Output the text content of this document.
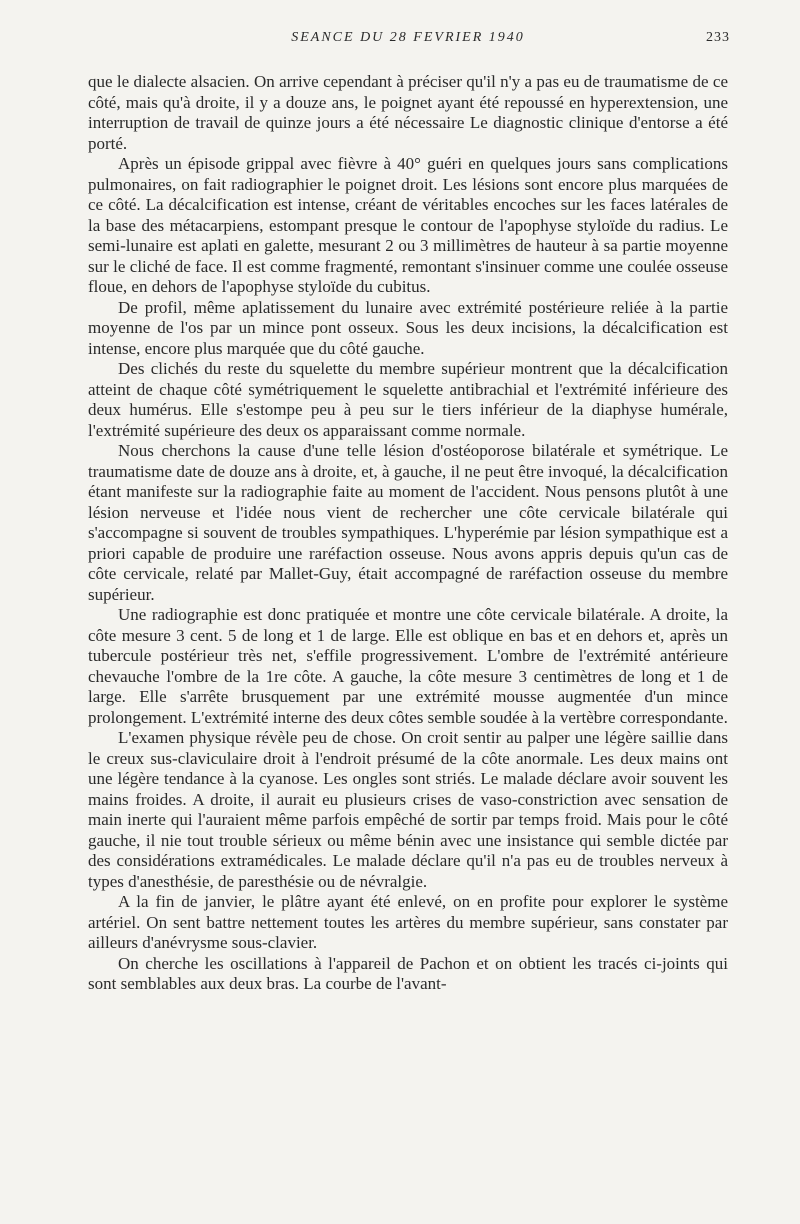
SEANCE DU 28 FEVRIER 1940	233

que le dialecte alsacien. On arrive cependant à préciser qu'il n'y a pas eu de traumatisme de ce côté, mais qu'à droite, il y a douze ans, le poignet ayant été repoussé en hyperextension, une interruption de travail de quinze jours a été nécessaire Le diagnostic clinique d'entorse a été porté.

Après un épisode grippal avec fièvre à 40° guéri en quelques jours sans complications pulmonaires, on fait radiographier le poignet droit. Les lésions sont encore plus marquées de ce côté. La décalcification est intense, créant de véritables encoches sur les faces latérales de la base des métacarpiens, estompant presque le contour de l'apophyse styloïde du radius. Le semi-lunaire est aplati en galette, mesurant 2 ou 3 millimètres de hauteur à sa partie moyenne sur le cliché de face. Il est comme fragmenté, remontant s'insinuer comme une coulée osseuse floue, en dehors de l'apophyse styloïde du cubitus.

De profil, même aplatissement du lunaire avec extrémité postérieure reliée à la partie moyenne de l'os par un mince pont osseux. Sous les deux incisions, la décalcification est intense, encore plus marquée que du côté gauche.

Des clichés du reste du squelette du membre supérieur montrent que la décalcification atteint de chaque côté symétriquement le squelette antibrachial et l'extrémité inférieure des deux humérus. Elle s'estompe peu à peu sur le tiers inférieur de la diaphyse humérale, l'extrémité supérieure des deux os apparaissant comme normale.

Nous cherchons la cause d'une telle lésion d'ostéoporose bilatérale et symétrique. Le traumatisme date de douze ans à droite, et, à gauche, il ne peut être invoqué, la décalcification étant manifeste sur la radiographie faite au moment de l'accident. Nous pensons plutôt à une lésion nerveuse et l'idée nous vient de rechercher une côte cervicale bilatérale qui s'accompagne si souvent de troubles sympathiques. L'hyperémie par lésion sympathique est a priori capable de produire une raréfaction osseuse. Nous avons appris depuis qu'un cas de côte cervicale, relaté par Mallet-Guy, était accompagné de raréfaction osseuse du membre supérieur.

Une radiographie est donc pratiquée et montre une côte cervicale bilatérale. A droite, la côte mesure 3 cent. 5 de long et 1 de large. Elle est oblique en bas et en dehors et, après un tubercule postérieur très net, s'effile progressivement. L'ombre de l'extrémité antérieure chevauche l'ombre de la 1re côte. A gauche, la côte mesure 3 centimètres de long et 1 de large. Elle s'arrête brusquement par une extrémité mousse augmentée d'un mince prolongement. L'extrémité interne des deux côtes semble soudée à la vertèbre correspondante.

L'examen physique révèle peu de chose. On croit sentir au palper une légère saillie dans le creux sus-claviculaire droit à l'endroit présumé de la côte anormale. Les deux mains ont une légère tendance à la cyanose. Les ongles sont striés. Le malade déclare avoir souvent les mains froides. A droite, il aurait eu plusieurs crises de vaso-constriction avec sensation de main inerte qui l'auraient même parfois empêché de sortir par temps froid. Mais pour le côté gauche, il nie tout trouble sérieux ou même bénin avec une insistance qui semble dictée par des considérations extramédicales. Le malade déclare qu'il n'a pas eu de troubles nerveux à types d'anesthésie, de paresthésie ou de névralgie.

A la fin de janvier, le plâtre ayant été enlevé, on en profite pour explorer le système artériel. On sent battre nettement toutes les artères du membre supérieur, sans constater par ailleurs d'anévrysme sous-clavier.

On cherche les oscillations à l'appareil de Pachon et on obtient les tracés ci-joints qui sont semblables aux deux bras. La courbe de l'avant-
